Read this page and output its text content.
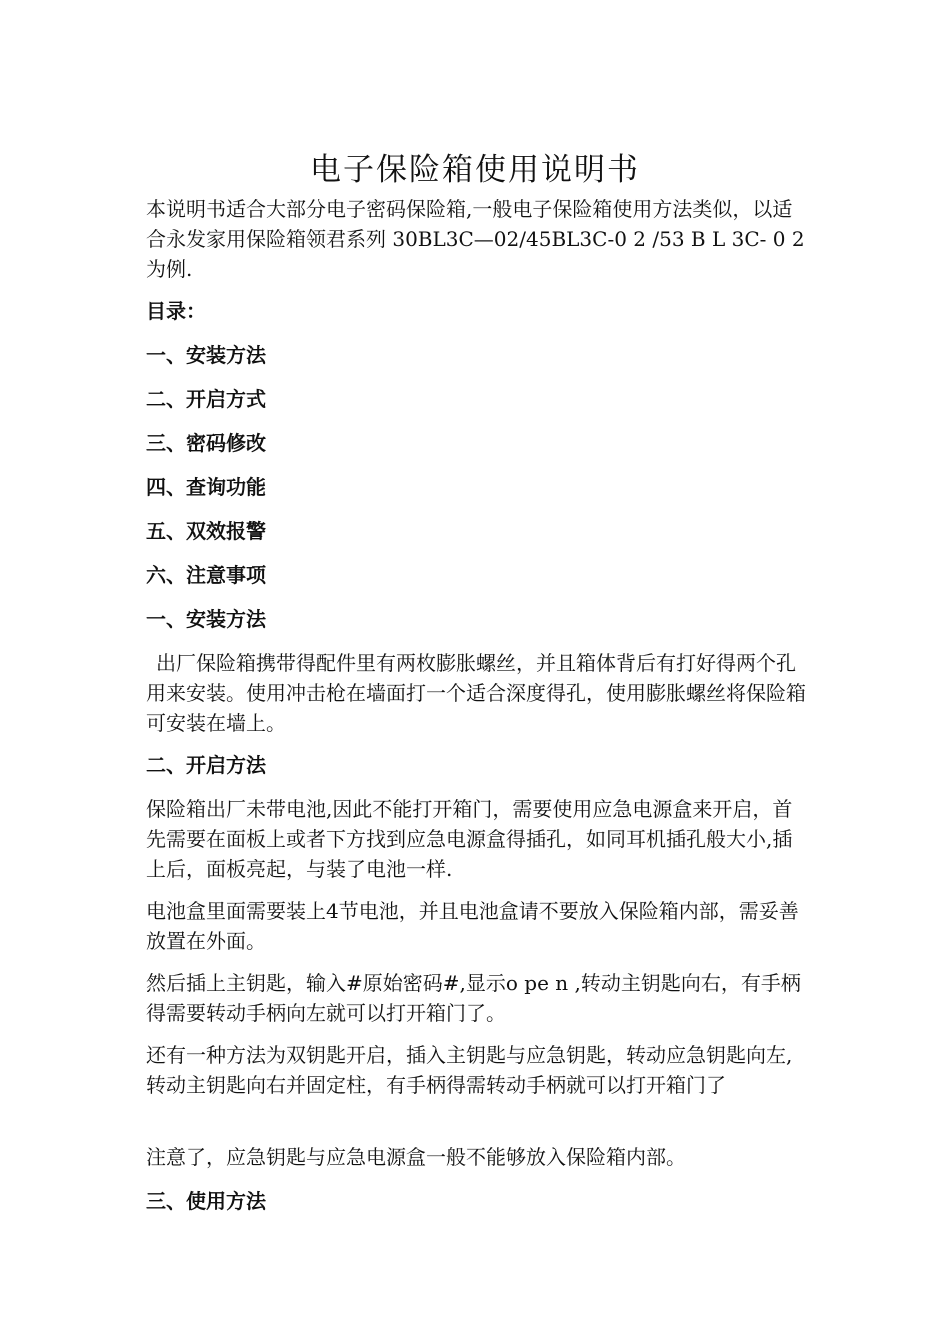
电子保险箱使用说明书

本说明书适合大部分电子密码保险箱,一般电子保险箱使用方法类似，以适合永发家用保险箱领君系列 30BL3C—02/45BL3C-0 2 /53 B L 3C- 0 2为例.

目录：

一、安装方法

二、开启方式

三、密码修改

四、查询功能

五、双效报警

六、注意事项

一、安装方法

出厂保险箱携带得配件里有两枚膨胀螺丝，并且箱体背后有打好得两个孔用来安装。使用冲击枪在墙面打一个适合深度得孔，使用膨胀螺丝将保险箱可安装在墙上。

二、开启方法

保险箱出厂未带电池,因此不能打开箱门，需要使用应急电源盒来开启，首先需要在面板上或者下方找到应急电源盒得插孔，如同耳机插孔般大小,插上后，面板亮起，与装了电池一样.

电池盒里面需要装上4节电池，并且电池盒请不要放入保险箱内部，需妥善放置在外面。

然后插上主钥匙，输入#原始密码#,显示o pe n ,转动主钥匙向右，有手柄得需要转动手柄向左就可以打开箱门了。

还有一种方法为双钥匙开启，插入主钥匙与应急钥匙，转动应急钥匙向左,转动主钥匙向右并固定柱，有手柄得需转动手柄就可以打开箱门了

注意了，应急钥匙与应急电源盒一般不能够放入保险箱内部。

三、使用方法
